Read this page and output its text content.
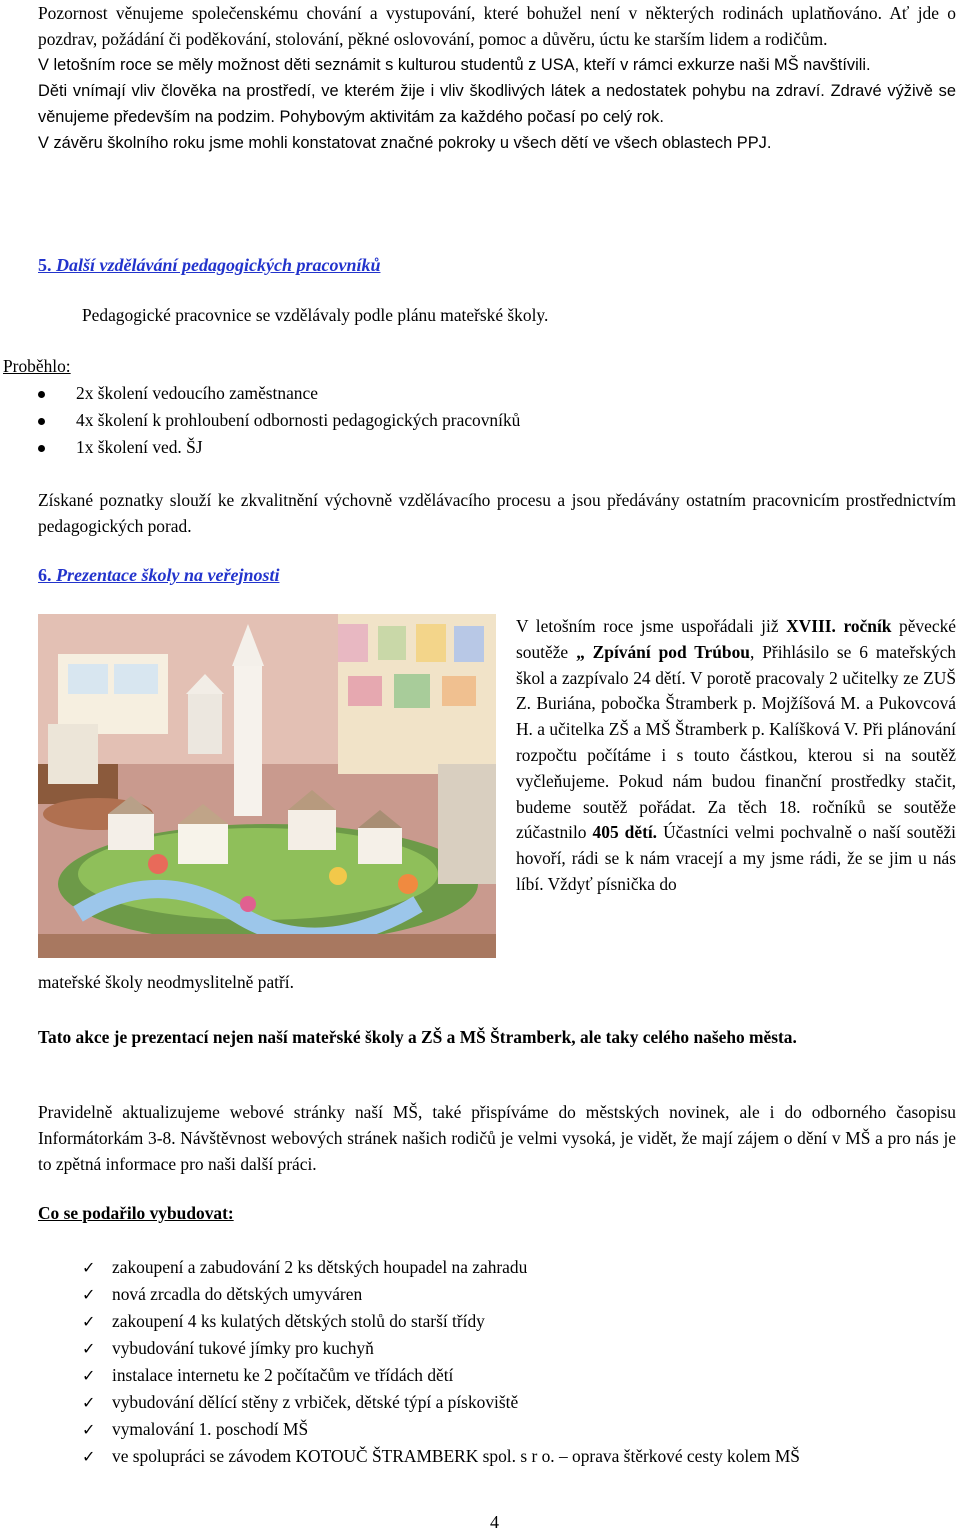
Pozornost věnujeme společenskému chování a vystupování, které bohužel není v některých rodinách uplatňováno. Ať jde o pozdrav, požádání či poděkování, stolování, pěkné oslovování, pomoc a důvěru, úctu ke starším lidem a rodičům.

V letošním roce se měly možnost děti seznámit s kulturou studentů z USA, kteří v rámci exkurze naši MŠ navštívili.

Děti vnímají vliv člověka na prostředí, ve kterém žije i vliv škodlivých látek a nedostatek pohybu na zdraví. Zdravé výživě se věnujeme především na podzim. Pohybovým aktivitám za každého počasí po celý rok.

V závěru školního roku jsme mohli konstatovat značné pokroky u všech dětí ve všech oblastech PPJ.

5. Další vzdělávání pedagogických pracovníků

Pedagogické pracovnice se vzdělávaly podle plánu mateřské školy.

Proběhlo:

2x školení vedoucího zaměstnance
4x školení k prohloubení odbornosti pedagogických pracovníků
1x školení ved. ŠJ

Získané poznatky slouží ke zkvalitnění výchovně vzdělávacího procesu a jsou předávány ostatním pracovnicím prostřednictvím pedagogických porad.

6. Prezentace školy na veřejnosti

V letošním roce jsme uspořádali již XVIII. ročník pěvecké soutěže „ Zpívání pod Trúbou, Přihlásilo se 6 mateřských škol a zazpívalo 24 dětí. V porotě pracovaly 2 učitelky ze ZUŠ Z. Buriána, pobočka Štramberk p. Mojžíšová M. a Pukovcová H. a učitelka ZŠ a MŠ Štramberk p. Kalíšková V. Při plánování rozpočtu počítáme i s touto částkou, kterou si na soutěž vyčleňujeme. Pokud nám budou finanční prostředky stačit, budeme soutěž pořádat. Za těch 18. ročníků se soutěže zúčastnilo 405 dětí. Účastníci velmi pochvalně o naší soutěži hovoří, rádi se k nám vracejí a my jsme rádi, že se jim u nás líbí. Vždyť písnička do

mateřské školy neodmyslitelně patří.

Tato akce je prezentací nejen naší mateřské školy a ZŠ a MŠ Štramberk, ale taky celého našeho města.

Pravidelně aktualizujeme webové stránky naší MŠ, také přispíváme do městských novinek, ale i do odborného časopisu Informátorkám 3-8. Návštěvnost webových stránek našich rodičů je velmi vysoká, je vidět, že mají zájem o dění v MŠ a pro nás je to zpětná informace pro naši další práci.

Co se podařilo vybudovat:

✓ zakoupení a zabudování 2 ks dětských houpadel na zahradu
✓ nová zrcadla do dětských umyváren
✓ zakoupení 4 ks kulatých dětských stolů do starší třídy
✓ vybudování tukové jímky pro kuchyň
✓ instalace internetu ke 2 počítačům ve třídách dětí
✓ vybudování dělící stěny z vrbiček, dětské týpí a pískoviště
✓ vymalování 1. poschodí MŠ
✓ ve spolupráci se závodem KOTOUČ ŠTRAMBERK spol. s r o. – oprava štěrkové cesty kolem MŠ

4
